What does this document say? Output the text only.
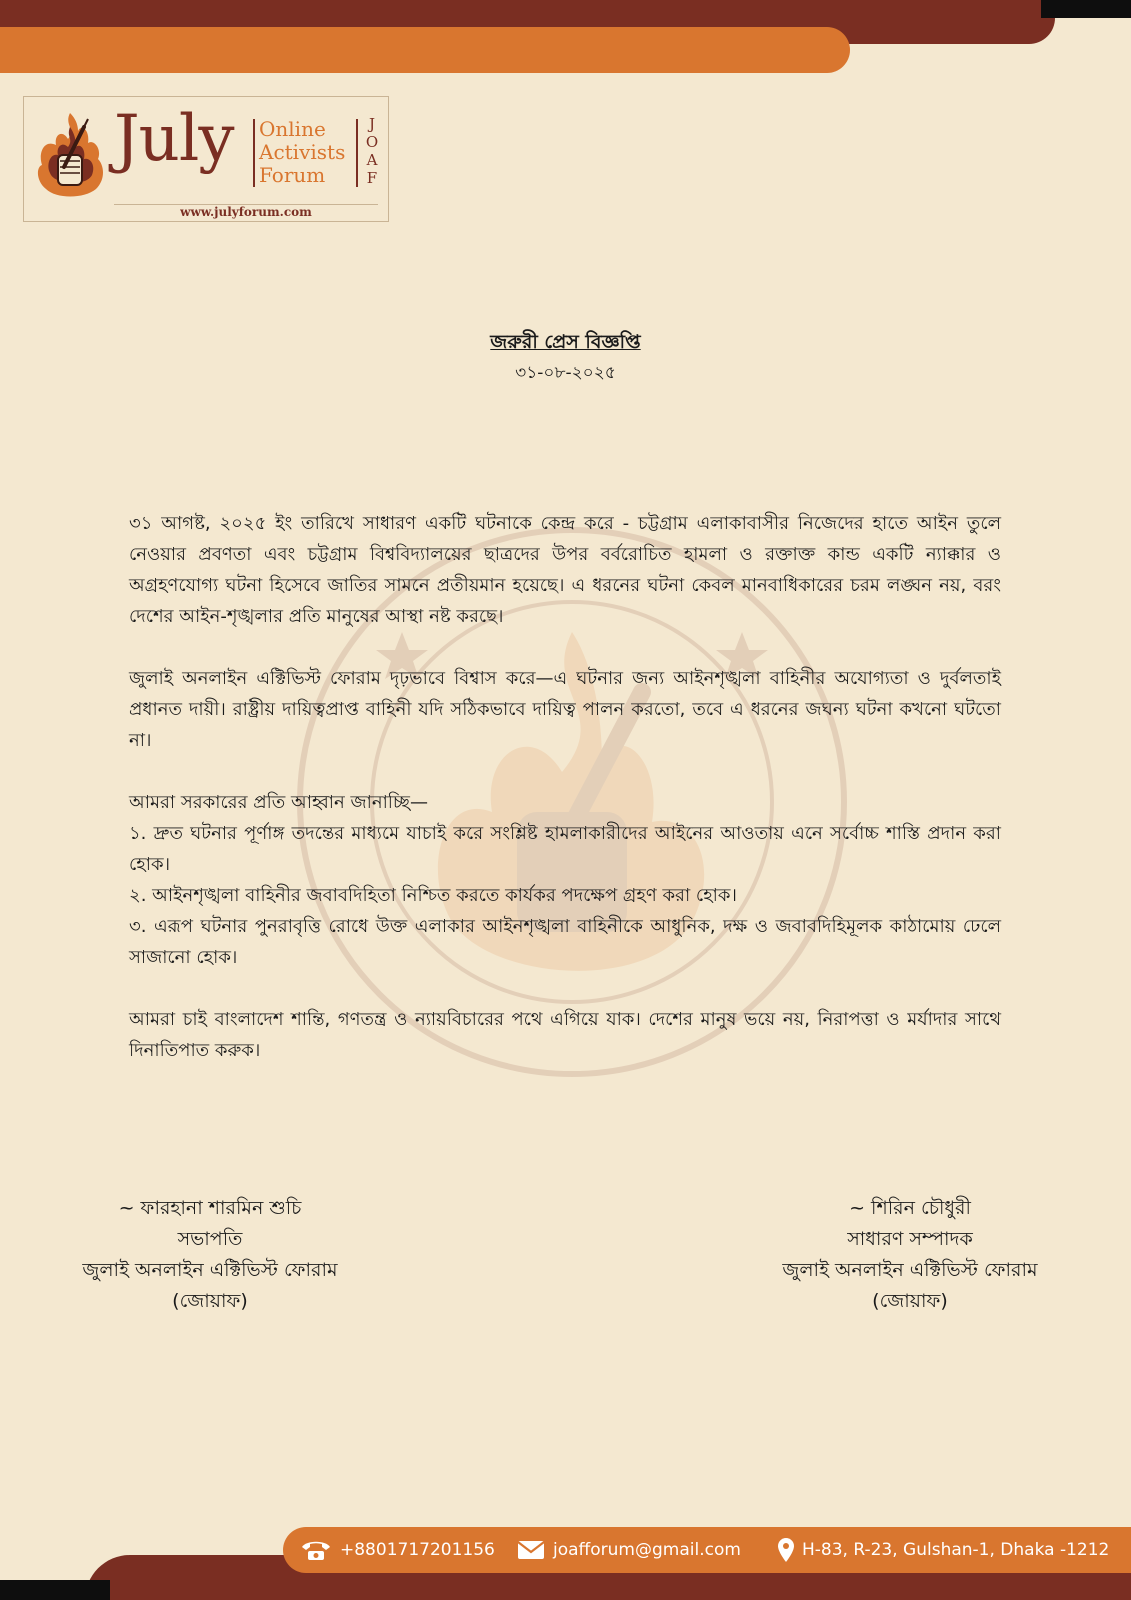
July Online
Activists
Forum
J
O
A
F
www.julyforum.com
জরুরী প্রেস বিজ্ঞপ্তি
৩১-০৮-২০২৫

৩১ আগষ্ট, ২০২৫ ইং তারিখে সাধারণ একটি ঘটনাকে কেন্দ্র করে - চট্টগ্রাম এলাকাবাসীর নিজেদের হাতে আইন তুলে নেওয়ার প্রবণতা এবং চট্টগ্রাম বিশ্ববিদ্যালয়ের ছাত্রদের উপর বর্বরোচিত হামলা ও রক্তাক্ত কান্ড একটি ন্যাক্কার ও অগ্রহণযোগ্য ঘটনা হিসেবে জাতির সামনে প্রতীয়মান হয়েছে। এ ধরনের ঘটনা কেবল মানবাধিকারের চরম লঙ্ঘন নয়, বরং দেশের আইন-শৃঙ্খলার প্রতি মানুষের আস্থা নষ্ট করছে।

জুলাই অনলাইন এক্টিভিস্ট ফোরাম দৃঢ়ভাবে বিশ্বাস করে—এ ঘটনার জন্য আইনশৃঙ্খলা বাহিনীর অযোগ্যতা ও দুর্বলতাই প্রধানত দায়ী। রাষ্ট্রীয় দায়িত্বপ্রাপ্ত বাহিনী যদি সঠিকভাবে দায়িত্ব পালন করতো, তবে এ ধরনের জঘন্য ঘটনা কখনো ঘটতো না।

আমরা সরকারের প্রতি আহ্বান জানাচ্ছি—

১. দ্রুত ঘটনার পূর্ণাঙ্গ তদন্তের মাধ্যমে যাচাই করে সংশ্লিষ্ট হামলাকারীদের আইনের আওতায় এনে সর্বোচ্চ শাস্তি প্রদান করা হোক।

২. আইনশৃঙ্খলা বাহিনীর জবাবদিহিতা নিশ্চিত করতে কার্যকর পদক্ষেপ গ্রহণ করা হোক।

৩. এরূপ ঘটনার পুনরাবৃত্তি রোধে উক্ত এলাকার আইনশৃঙ্খলা বাহিনীকে আধুনিক, দক্ষ ও জবাবদিহিমূলক কাঠামোয় ঢেলে সাজানো হোক।

আমরা চাই বাংলাদেশ শান্তি, গণতন্ত্র ও ন্যায়বিচারের পথে এগিয়ে যাক। দেশের মানুষ ভয়ে নয়, নিরাপত্তা ও মর্যাদার সাথে দিনাতিপাত করুক।

~ ফারহানা শারমিন শুচি
সভাপতি
জুলাই অনলাইন এক্টিভিস্ট ফোরাম
(জোয়াফ)
~ শিরিন চৌধুরী
সাধারণ সম্পাদক
জুলাই অনলাইন এক্টিভিস্ট ফোরাম
(জোয়াফ)
+8801717201156	joafforum@gmail.com	H-83, R-23, Gulshan-1, Dhaka -1212
